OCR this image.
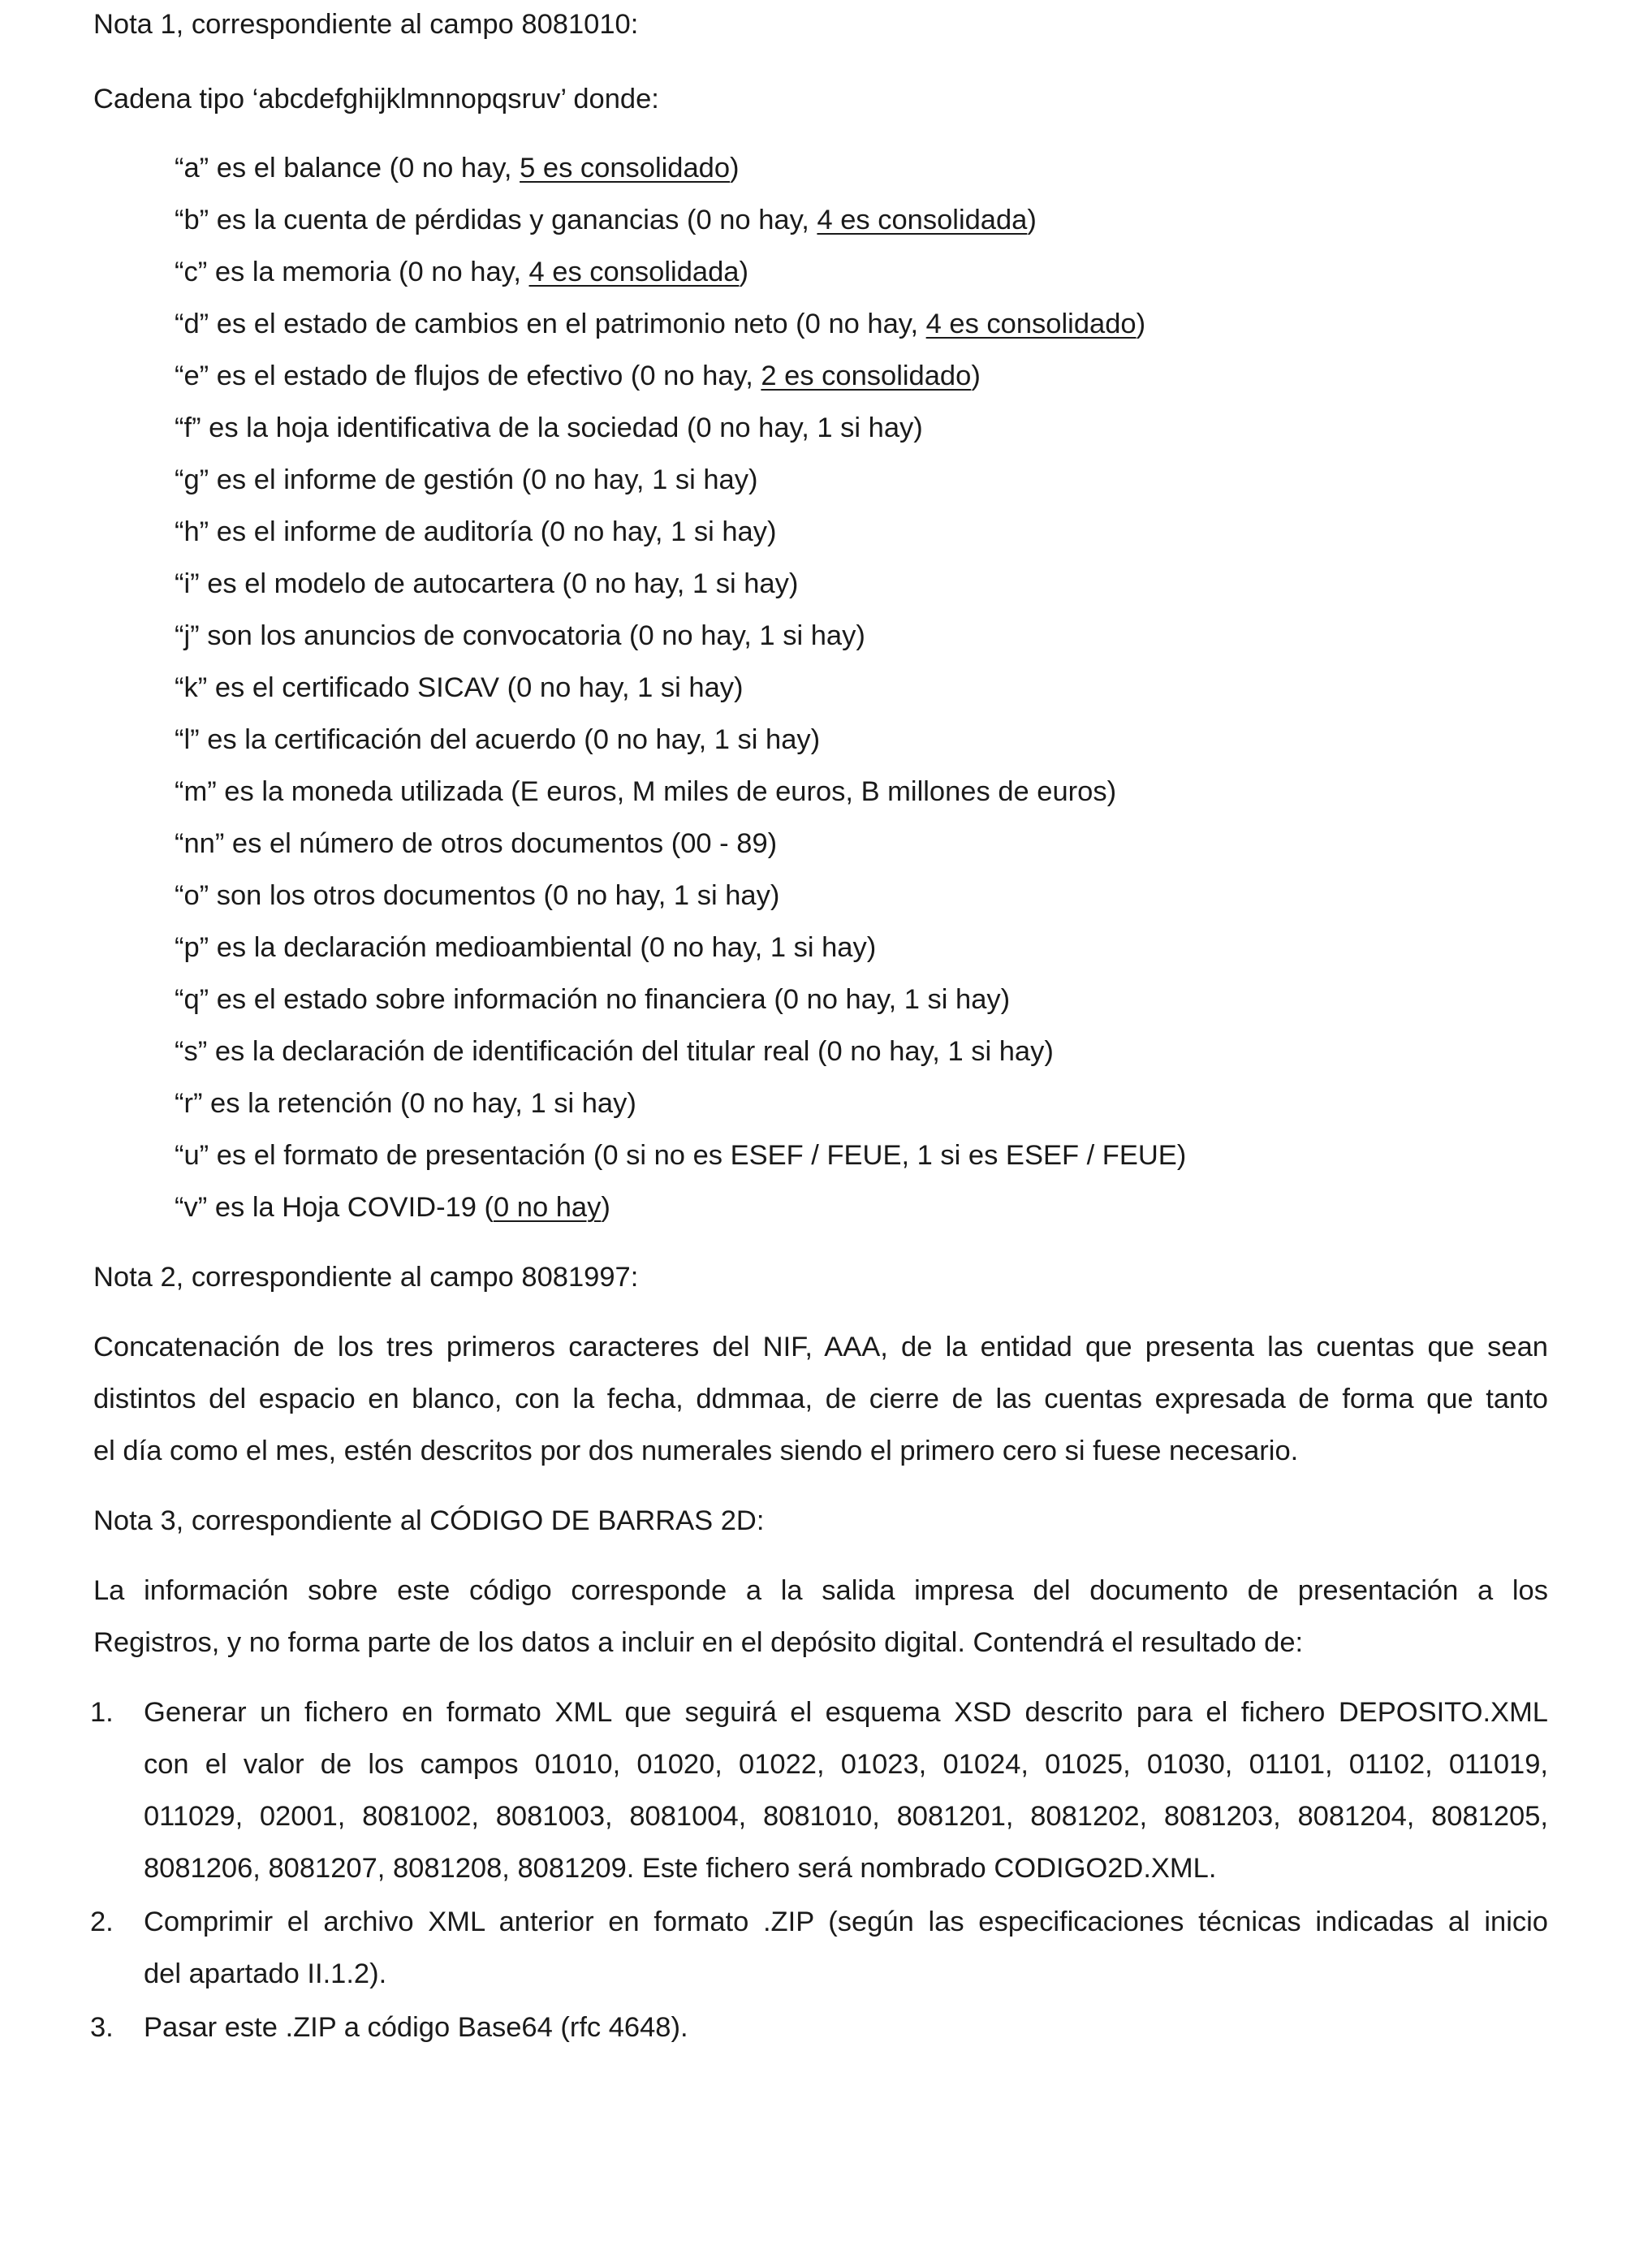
Nota 1, correspondiente al campo 8081010:
Cadena tipo ‘abcdefghijklmnnopqsruv’ donde:
“a” es el balance (0 no hay, 5 es consolidado)
“b” es la cuenta de pérdidas y ganancias (0 no hay, 4 es consolidada)
“c” es la memoria (0 no hay, 4 es consolidada)
“d” es el estado de cambios en el patrimonio neto (0 no hay, 4 es consolidado)
“e” es el estado de flujos de efectivo (0 no hay, 2 es consolidado)
“f” es la hoja identificativa de la sociedad (0 no hay, 1 si hay)
“g” es el informe de gestión (0 no hay, 1 si hay)
“h” es el informe de auditoría (0 no hay, 1 si hay)
“i” es el modelo de autocartera (0 no hay, 1 si hay)
“j” son los anuncios de convocatoria (0 no hay, 1 si hay)
“k” es el certificado SICAV (0 no hay, 1 si hay)
“l” es la certificación del acuerdo (0 no hay, 1 si hay)
“m” es la moneda utilizada (E euros, M miles de euros, B millones de euros)
“nn” es el número de otros documentos (00 - 89)
“o” son los otros documentos (0 no hay, 1 si hay)
“p” es la declaración medioambiental (0 no hay, 1 si hay)
“q” es el estado sobre información no financiera (0 no hay, 1 si hay)
“s” es la declaración de identificación del titular real (0 no hay, 1 si hay)
“r” es la retención (0 no hay, 1 si hay)
“u” es el formato de presentación (0 si no es ESEF / FEUE, 1 si es ESEF / FEUE)
“v” es la Hoja COVID-19 (0 no hay)
Nota 2, correspondiente al campo 8081997:
Concatenación de los tres primeros caracteres del NIF, AAA, de la entidad que presenta las cuentas que sean
distintos del espacio en blanco, con la fecha, ddmmaa, de cierre de las cuentas expresada de forma que tanto
el día como el mes, estén descritos por dos numerales siendo el primero cero si fuese necesario.
Nota 3, correspondiente al CÓDIGO DE BARRAS 2D:
La información sobre este código corresponde a la salida impresa del documento de presentación a los
Registros, y no forma parte de los datos a incluir en el depósito digital. Contendrá el resultado de:
1. Generar un fichero en formato XML que seguirá el esquema XSD descrito para el fichero DEPOSITO.XML
con el valor de los campos 01010, 01020, 01022, 01023, 01024, 01025, 01030, 01101, 01102, 011019,
011029, 02001, 8081002, 8081003, 8081004, 8081010, 8081201, 8081202, 8081203, 8081204, 8081205,
8081206, 8081207, 8081208, 8081209. Este fichero será nombrado CODIGO2D.XML.
2. Comprimir el archivo XML anterior en formato .ZIP (según las especificaciones técnicas indicadas al inicio
del apartado II.1.2).
3. Pasar este .ZIP a código Base64 (rfc 4648).
